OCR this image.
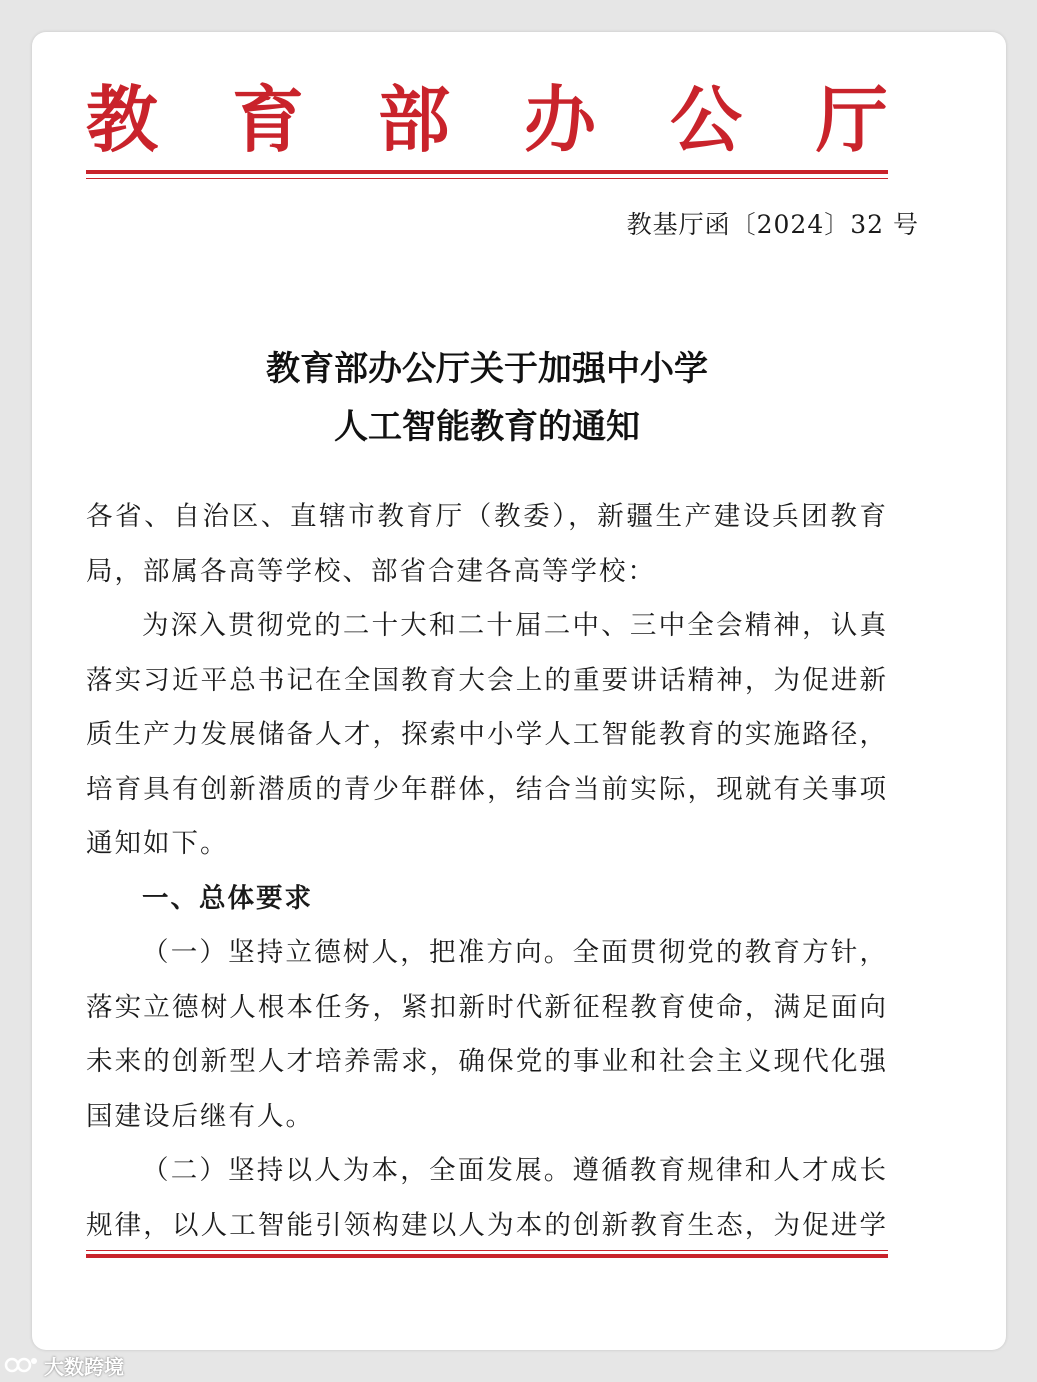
教 育 部 办 公 厅
教基厅函〔2024〕32 号
教育部办公厅关于加强中小学
人工智能教育的通知
各省、自治区、直辖市教育厅（教委），新疆生产建设兵团教育
局，部属各高等学校、部省合建各高等学校：
为深入贯彻党的二十大和二十届二中、三中全会精神，认真
落实习近平总书记在全国教育大会上的重要讲话精神，为促进新
质生产力发展储备人才，探索中小学人工智能教育的实施路径，
培育具有创新潜质的青少年群体，结合当前实际，现就有关事项
通知如下。
一、总体要求
（一）坚持立德树人，把准方向。全面贯彻党的教育方针，
落实立德树人根本任务，紧扣新时代新征程教育使命，满足面向
未来的创新型人才培养需求，确保党的事业和社会主义现代化强
国建设后继有人。
（二）坚持以人为本，全面发展。遵循教育规律和人才成长
规律，以人工智能引领构建以人为本的创新教育生态，为促进学
大数跨境
